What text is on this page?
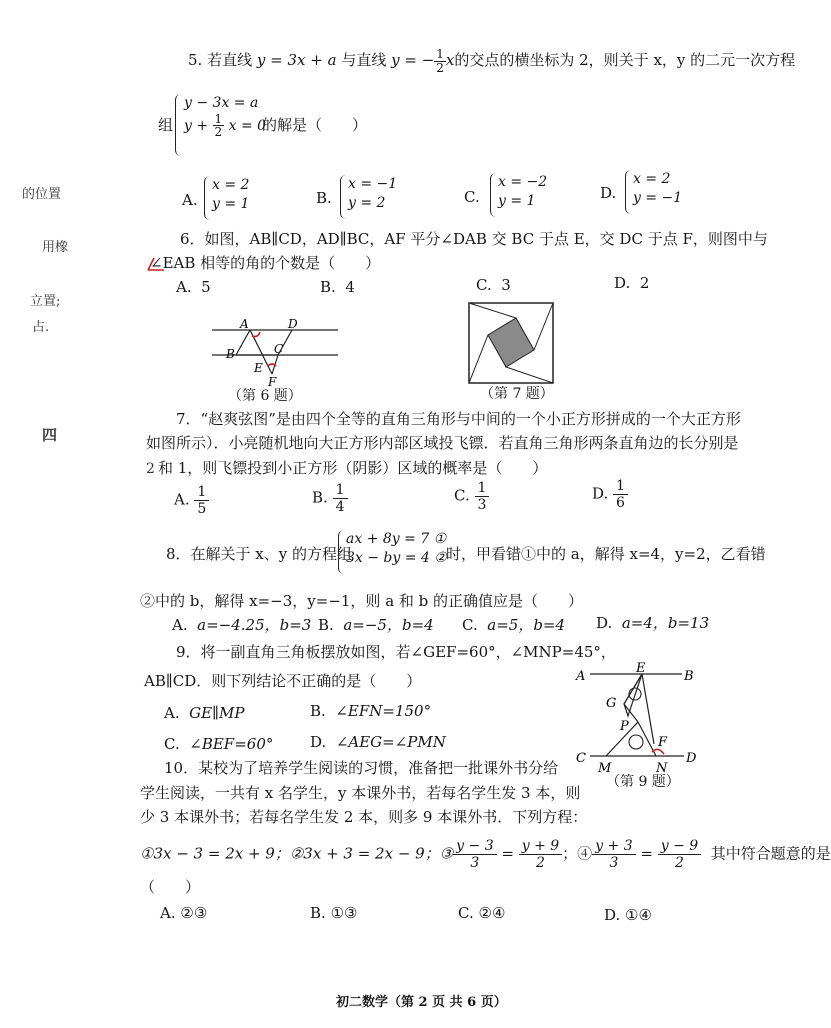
的位置
用橡
立置;
占.
四
2
5. 若直线 y = 3x + a 与直线 y = − $\frac{1}{2}$ x的交点的横坐标为 2，则关于 x，y 的二元一次方程
组
y − 3x = a
$y + \frac{1}{2}$ x = 0
的解是（　　）
A.
x = 2
y = 1	B.
x = −1
y = 2	C.
x = −2
y = 1	D.
x = 2
y = −1
6．如图，AB∥CD，AD∥BC，AF 平分∠DAB 交 BC 于点 E，交 DC 于点 F，则图中与
∠EAB 相等的角的个数是（　　）
A. 5	B. 4	C. 3	D. 2
A	D
B	C
E
F
（第 6 题）	（第 7 题）
7．“赵爽弦图”是由四个全等的直角三角形与中间的一个小正方形拼成的一个大正方形
如图所示）．小亮随机地向大正方形内部区域投飞镖．若直角三角形两条直角边的长分别是
和 1，则飞镖投到小正方形（阴影）区域的概率是（　　）
A. $\frac{1}{5}$	B. $\frac{1}{4}$	C. $\frac{1}{3}$	D. $\frac{1}{6}$
8．在解关于 x、y 的方程组
ax + 8y = 7 ①
3x − by = 4 ② 时，甲看错①中的 a，解得 x=4，y=2，乙看错
②中的 b，解得 x=−3，y=−1，则 a 和 b 的正确值应是（　　）
A. a=−4.25，b=3 B. a=−5，b=4 C. a=5，b=4 D. a=4，b=13
9．将一副直角三角板摆放如图，若∠GEF=60°，∠MNP=45°，
AB∥CD．则下列结论不正确的是（　　）
A. GE∥MP	B. ∠EFN=150°
C. ∠BEF=60° D. ∠AEG=∠PMN
A	B
E
G
P
F
C	D
M	N
（第 9 题）
10．某校为了培养学生阅读的习惯，准备把一批课外书分给
学生阅读，一共有 x 名学生，y 本课外书，若每名学生发 3 本，则
少 3 本课外书；若每名学生发 2 本，则多 9 本课外书．下列方程：
①3x − 3 = 2x + 9；②3x + 3 = 2x − 9；③ $\frac{y - 3}{3} = \frac{y + 9}{2}$ ；④ $\frac{y + 3}{3} = \frac{y - 9}{2}$ 其中符合题意的是
（　　）
A. ②③	B. ①③	C. ②④	D. ①④
初二数学（第 2 页 共 6 页）
